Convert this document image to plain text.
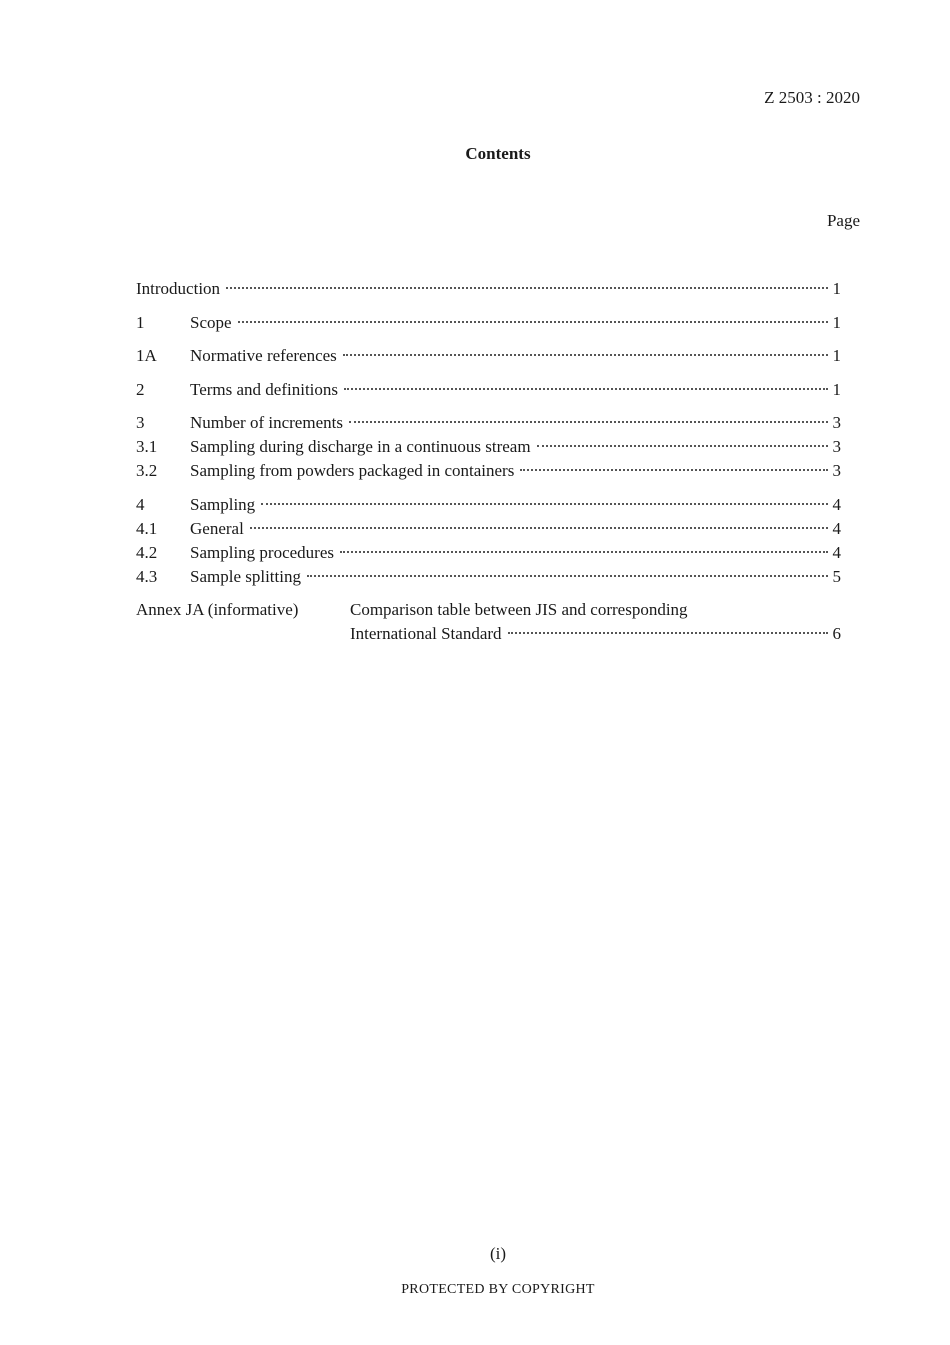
Z 2503 : 2020
Contents
Page
Introduction	1
1	Scope	1
1A	Normative references	1
2	Terms and definitions	1
3	Number of increments	3
3.1	Sampling during discharge in a continuous stream	3
3.2	Sampling from powders packaged in containers	3
4	Sampling	4
4.1	General	4
4.2	Sampling procedures	4
4.3	Sample splitting	5
Annex JA (informative)	Comparison table between JIS and corresponding
International Standard	6
(i)
PROTECTED BY COPYRIGHT
